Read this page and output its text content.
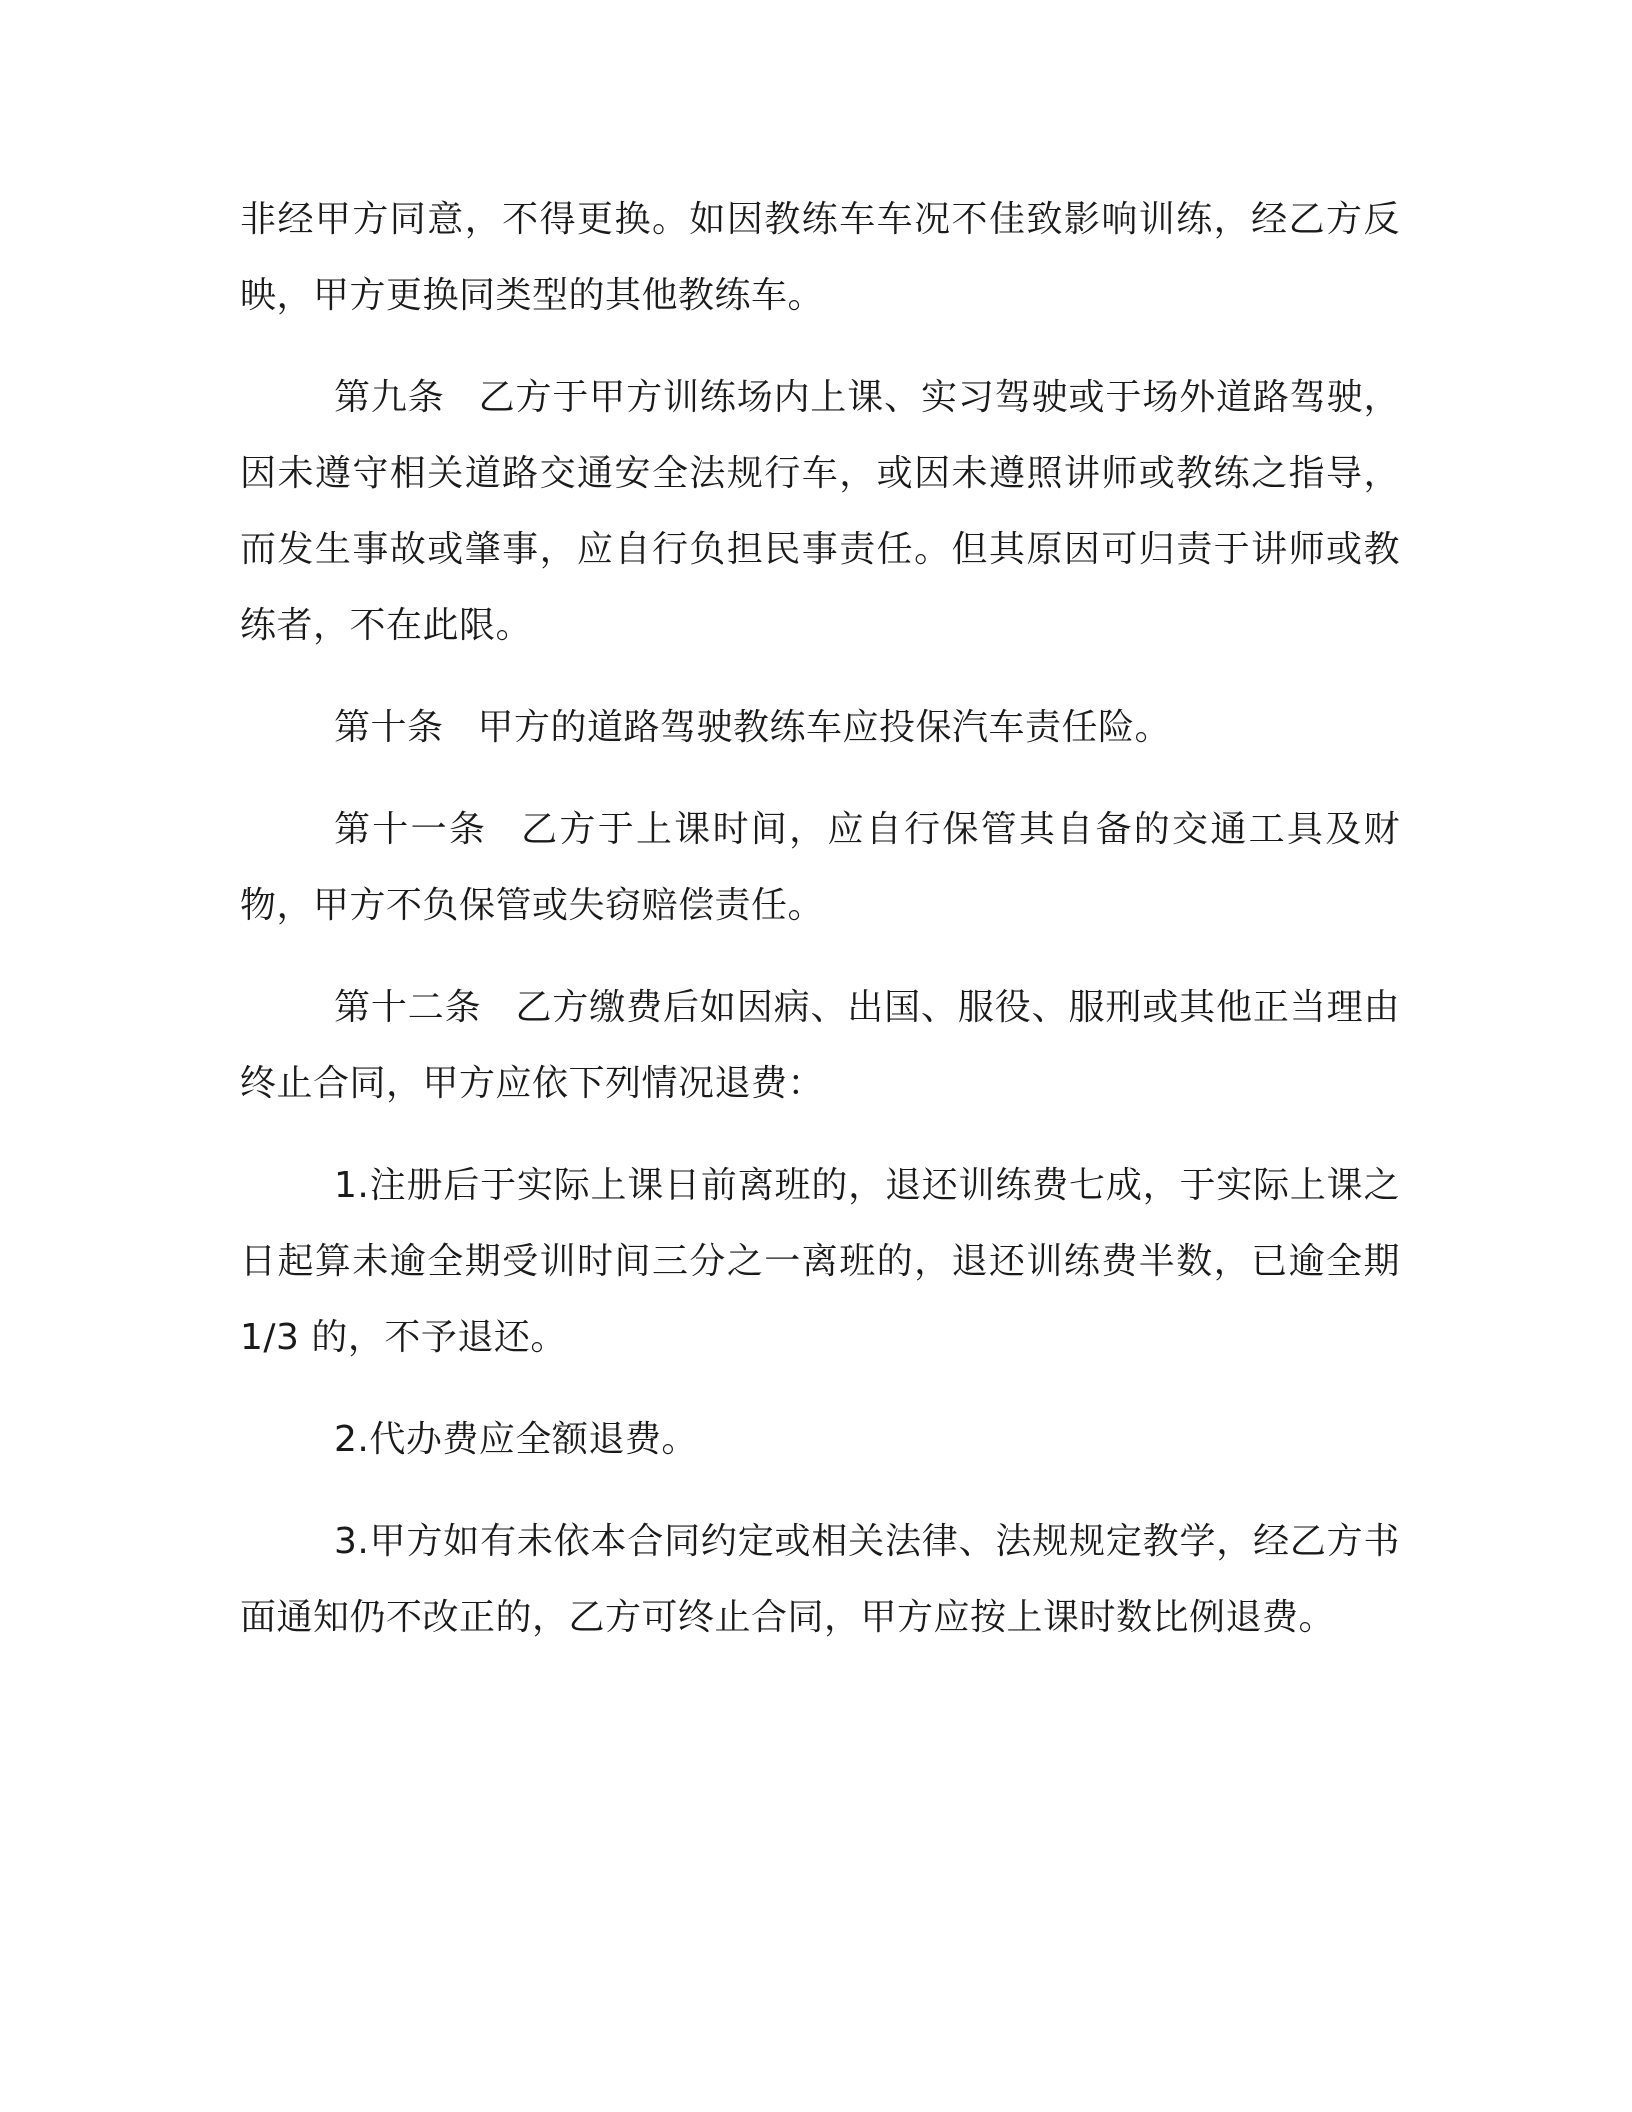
非经甲方同意，不得更换。如因教练车车况不佳致影响训练，经乙方反映，甲方更换同类型的其他教练车。

第九条 乙方于甲方训练场内上课、实习驾驶或于场外道路驾驶，因未遵守相关道路交通安全法规行车，或因未遵照讲师或教练之指导，而发生事故或肇事，应自行负担民事责任。但其原因可归责于讲师或教练者，不在此限。

第十条 甲方的道路驾驶教练车应投保汽车责任险。

第十一条 乙方于上课时间，应自行保管其自备的交通工具及财物，甲方不负保管或失窃赔偿责任。

第十二条 乙方缴费后如因病、出国、服役、服刑或其他正当理由终止合同，甲方应依下列情况退费：

1.注册后于实际上课日前离班的，退还训练费七成，于实际上课之日起算未逾全期受训时间三分之一离班的，退还训练费半数，已逾全期 1/3 的，不予退还。

2.代办费应全额退费。

3.甲方如有未依本合同约定或相关法律、法规规定教学，经乙方书面通知仍不改正的，乙方可终止合同，甲方应按上课时数比例退费。
